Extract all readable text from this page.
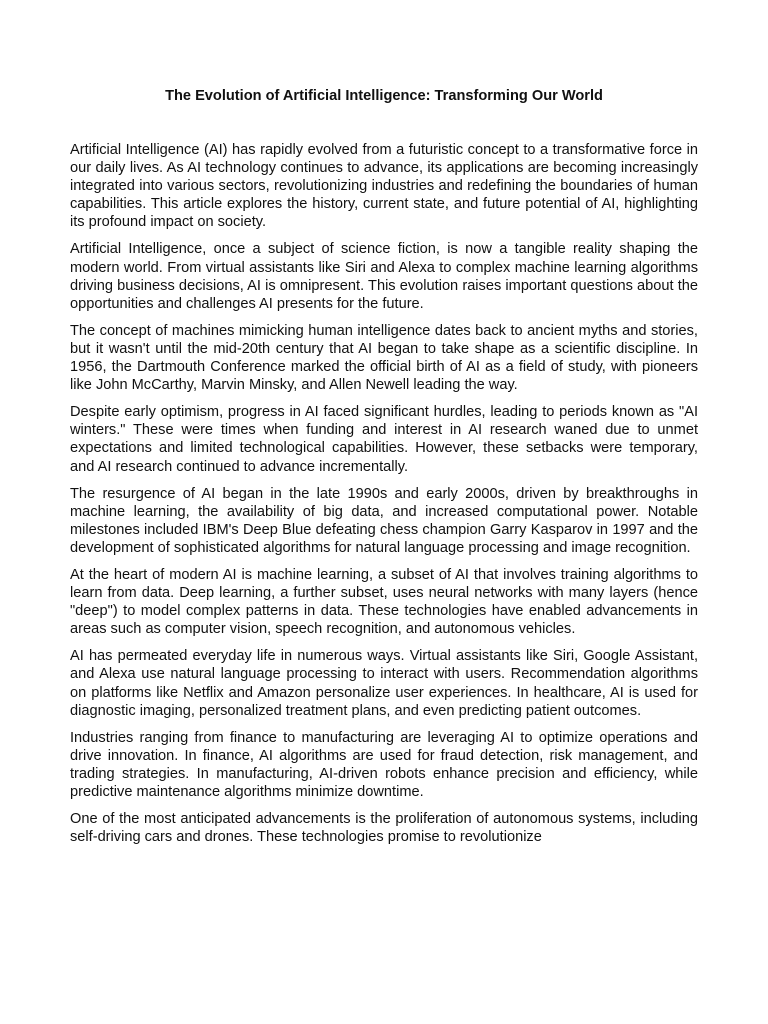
The Evolution of Artificial Intelligence: Transforming Our World

Artificial Intelligence (AI) has rapidly evolved from a futuristic concept to a transformative force in our daily lives. As AI technology continues to advance, its applications are becoming increasingly integrated into various sectors, revolutionizing industries and redefining the boundaries of human capabilities. This article explores the history, current state, and future potential of AI, highlighting its profound impact on society.

Artificial Intelligence, once a subject of science fiction, is now a tangible reality shaping the modern world. From virtual assistants like Siri and Alexa to complex machine learning algorithms driving business decisions, AI is omnipresent. This evolution raises important questions about the opportunities and challenges AI presents for the future.

The concept of machines mimicking human intelligence dates back to ancient myths and stories, but it wasn't until the mid-20th century that AI began to take shape as a scientific discipline. In 1956, the Dartmouth Conference marked the official birth of AI as a field of study, with pioneers like John McCarthy, Marvin Minsky, and Allen Newell leading the way.

Despite early optimism, progress in AI faced significant hurdles, leading to periods known as "AI winters." These were times when funding and interest in AI research waned due to unmet expectations and limited technological capabilities. However, these setbacks were temporary, and AI research continued to advance incrementally.

The resurgence of AI began in the late 1990s and early 2000s, driven by breakthroughs in machine learning, the availability of big data, and increased computational power. Notable milestones included IBM's Deep Blue defeating chess champion Garry Kasparov in 1997 and the development of sophisticated algorithms for natural language processing and image recognition.

At the heart of modern AI is machine learning, a subset of AI that involves training algorithms to learn from data. Deep learning, a further subset, uses neural networks with many layers (hence "deep") to model complex patterns in data. These technologies have enabled advancements in areas such as computer vision, speech recognition, and autonomous vehicles.

AI has permeated everyday life in numerous ways. Virtual assistants like Siri, Google Assistant, and Alexa use natural language processing to interact with users. Recommendation algorithms on platforms like Netflix and Amazon personalize user experiences. In healthcare, AI is used for diagnostic imaging, personalized treatment plans, and even predicting patient outcomes.

Industries ranging from finance to manufacturing are leveraging AI to optimize operations and drive innovation. In finance, AI algorithms are used for fraud detection, risk management, and trading strategies. In manufacturing, AI-driven robots enhance precision and efficiency, while predictive maintenance algorithms minimize downtime.

One of the most anticipated advancements is the proliferation of autonomous systems, including self-driving cars and drones. These technologies promise to revolutionize
